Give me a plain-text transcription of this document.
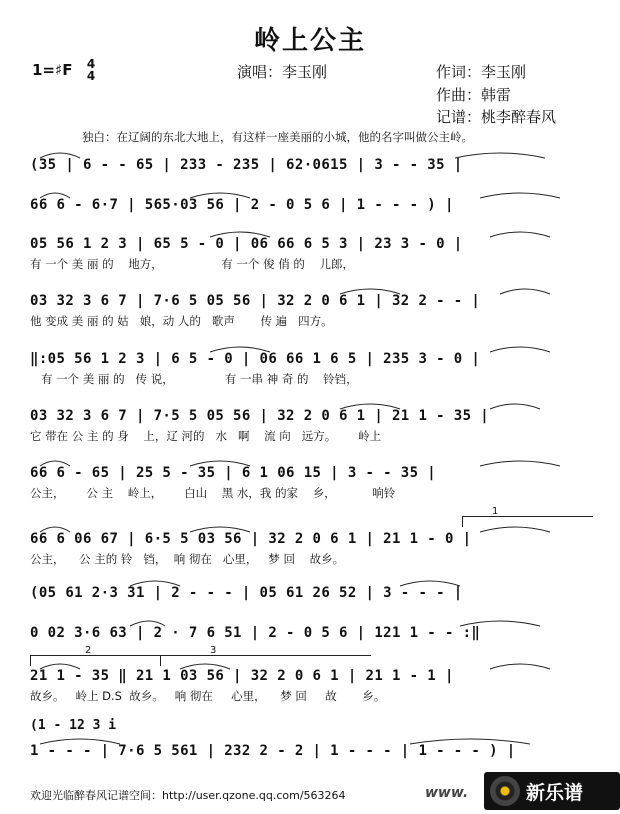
岭上公主
1=♯F 4
4	演唱：李玉刚	作词：李玉刚
作曲：韩雷
记谱：桃李醉春风
独白：在辽阔的东北大地上，有这样一座美丽的小城，他的名字叫做公主岭。
(35 | 6 - - 65 | 233 - 235 | 62·0615 | 3 - - 35 |
66 6 - 6·7 | 565·03 56 | 2 - 0 5 6 | 1 - - - ) |
05 56 1 2 3 | 65 5 - 0 | 06 66 6 5 3 | 23 3 - 0 |
有 一个 美 丽 的    地方，                有 一个 俊 俏 的    儿郎，
03 32 3 6 7 | 7·6 5 05 56 | 32 2 0 6 1 | 32 2 - - |
他 变成 美 丽 的 姑   娘，动 人的   歌声       传 遍   四方。
‖:05 56 1 2 3 | 6 5 - 0 | 06 66 1 6 5 | 235 3 - 0 |
有 一个 美 丽 的   传 说，              有 一串 神 奇 的    铃铛，
03 32 3 6 7 | 7·5 5 05 56 | 32 2 0 6 1 | 21 1 - 35 |
它 带在 公 主 的 身    上，辽 河的   水   啊    流 向   远方。      岭上
66 6 - 65 | 25 5 - 35 | 6 1 06 15 | 3 - - 35 |
公主，      公 主    岭上，      白山    黑 水，我 的家    乡，          响铃
1
66 6 06 67 | 6·5 5 03 56 | 32 2 0 6 1 | 21 1 - 0 |
公主，    公 主的 铃   铛，  响 彻在   心里，   梦 回    故乡。
(05 61 2·3 31 | 2 - - - | 05 61 26 52 | 3 - - - |
0 02 3·6 63 | 2 · 7 6 51 | 2 - 0 5 6 | 121 1 - - :‖
2	3
21 1 - 35 ‖ 21 1 03 56 | 32 2 0 6 1 | 21 1 - 1 |
故乡。   岭上 D.S  故乡。   响 彻在     心里，    梦 回     故       乡。
(1 - 12 3 i
1 - - - | 7·6 5 561 | 232 2 - 2 | 1 - - - | 1 - - - ) |
欢迎光临醉春风记谱空间：http://user.qzone.qq.com/563264	www.	新乐谱
